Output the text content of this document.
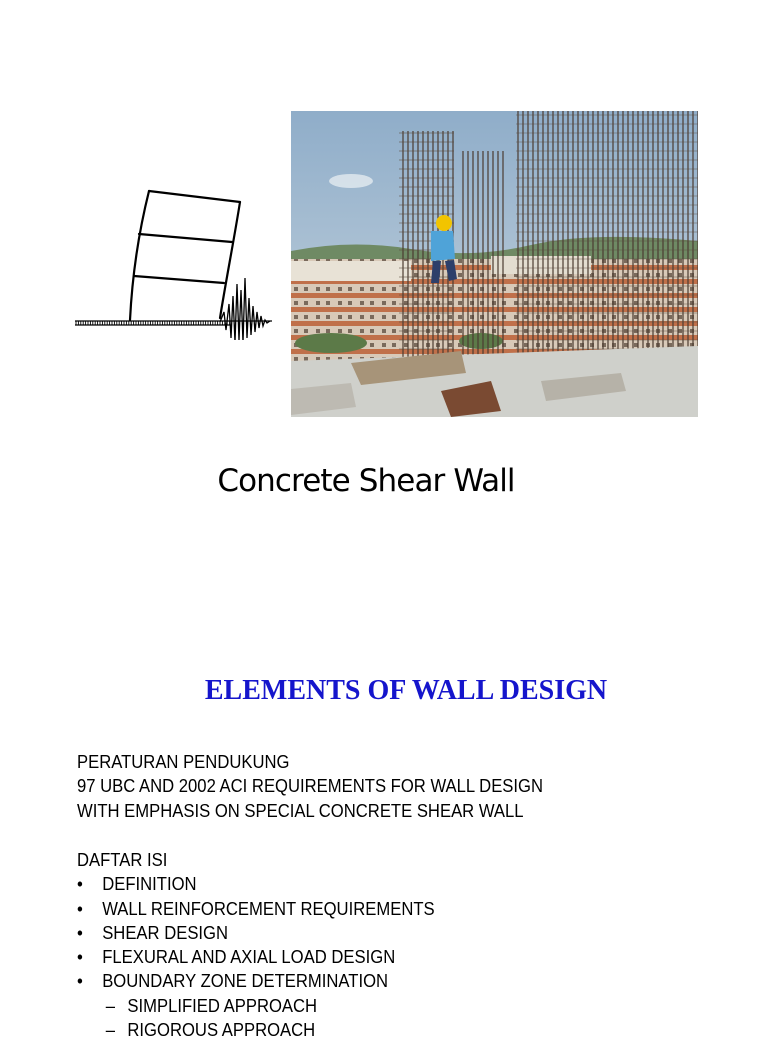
Concrete Shear Wall
ELEMENTS OF WALL DESIGN
PERATURAN PENDUKUNG
97 UBC AND 2002 ACI REQUIREMENTS FOR WALL DESIGN
WITH EMPHASIS ON SPECIAL CONCRETE SHEAR WALL
DAFTAR ISI
• DEFINITION
• WALL REINFORCEMENT REQUIREMENTS
• SHEAR DESIGN
• FLEXURAL AND AXIAL LOAD DESIGN
• BOUNDARY ZONE DETERMINATION
– SIMPLIFIED APPROACH
– RIGOROUS APPROACH
